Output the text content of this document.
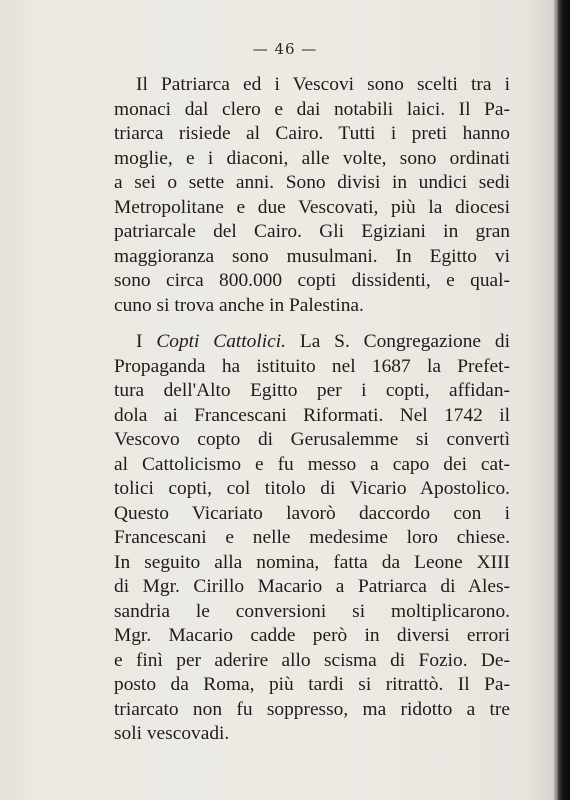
— 46 —
Il Patriarca ed i Vescovi sono scelti tra i
monaci dal clero e dai notabili laici. Il Pa-
triarca risiede al Cairo. Tutti i preti hanno
moglie, e i diaconi, alle volte, sono ordinati
a sei o sette anni. Sono divisi in undici sedi
Metropolitane e due Vescovati, più la diocesi
patriarcale del Cairo. Gli Egiziani in gran
maggioranza sono musulmani. In Egitto vi
sono circa 800.000 copti dissidenti, e qual-
cuno si trova anche in Palestina.
I Copti Cattolici. La S. Congregazione di
Propaganda ha istituito nel 1687 la Prefet-
tura dell'Alto Egitto per i copti, affidan-
dola ai Francescani Riformati. Nel 1742 il
Vescovo copto di Gerusalemme si convertì
al Cattolicismo e fu messo a capo dei cat-
tolici copti, col titolo di Vicario Apostolico.
Questo Vicariato lavorò daccordo con i
Francescani e nelle medesime loro chiese.
In seguito alla nomina, fatta da Leone XIII
di Mgr. Cirillo Macario a Patriarca di Ales-
sandria le conversioni si moltiplicarono.
Mgr. Macario cadde però in diversi errori
e finì per aderire allo scisma di Fozio. De-
posto da Roma, più tardi si ritrattò. Il Pa-
triarcato non fu soppresso, ma ridotto a tre
soli vescovadi.
